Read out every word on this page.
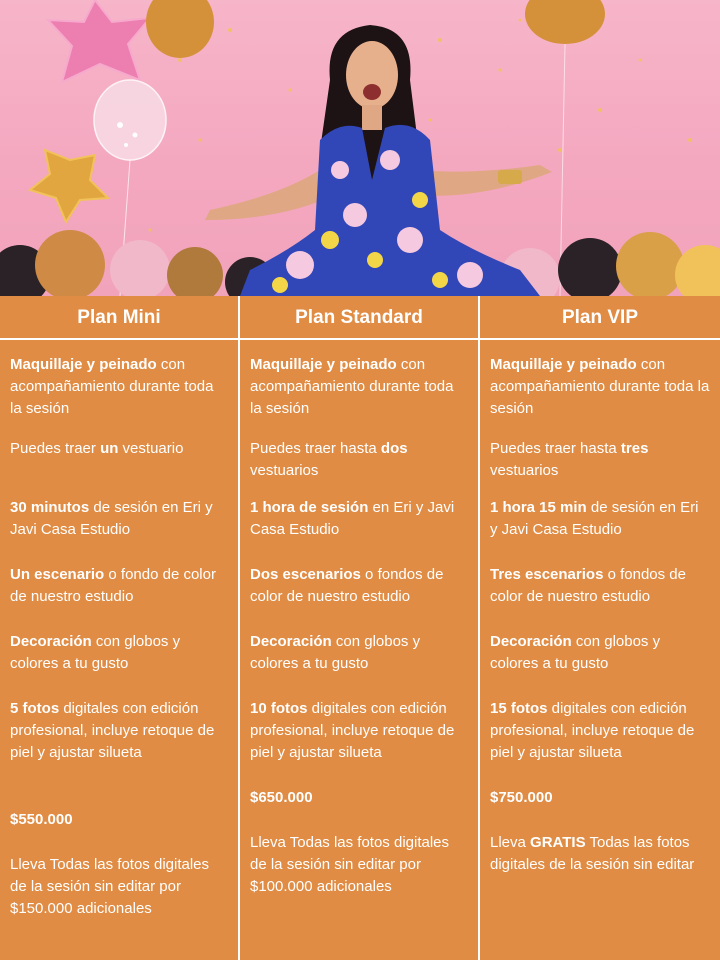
Plan Mini
Maquillaje y peinado con acompañamiento durante toda la sesión
Puedes traer un vestuario
30 minutos de sesión en Eri y Javi Casa Estudio
Un escenario o fondo de color de nuestro estudio
Decoración con globos y colores a tu gusto
5 fotos digitales con edición profesional, incluye retoque de piel y ajustar silueta
$550.000
Lleva Todas las fotos digitales de la sesión sin editar por $150.000 adicionales
Plan Standard
Maquillaje y peinado con acompañamiento durante toda la sesión
Puedes traer hasta dos vestuarios
1 hora de sesión en Eri y Javi Casa Estudio
Dos escenarios o fondos de color de nuestro estudio
Decoración con globos y colores a tu gusto
10 fotos digitales con edición profesional, incluye retoque de piel y ajustar silueta
$650.000
Lleva Todas las fotos digitales de la sesión sin editar por $100.000 adicionales
Plan VIP
Maquillaje y peinado con acompañamiento durante toda la sesión
Puedes traer hasta tres vestuarios
1 hora 15 min de sesión en Eri y Javi Casa Estudio
Tres escenarios o fondos de color de nuestro estudio
Decoración con globos y colores a tu gusto
15 fotos digitales con edición profesional, incluye retoque de piel y ajustar silueta
$750.000
Lleva GRATIS Todas las fotos digitales de la sesión sin editar
